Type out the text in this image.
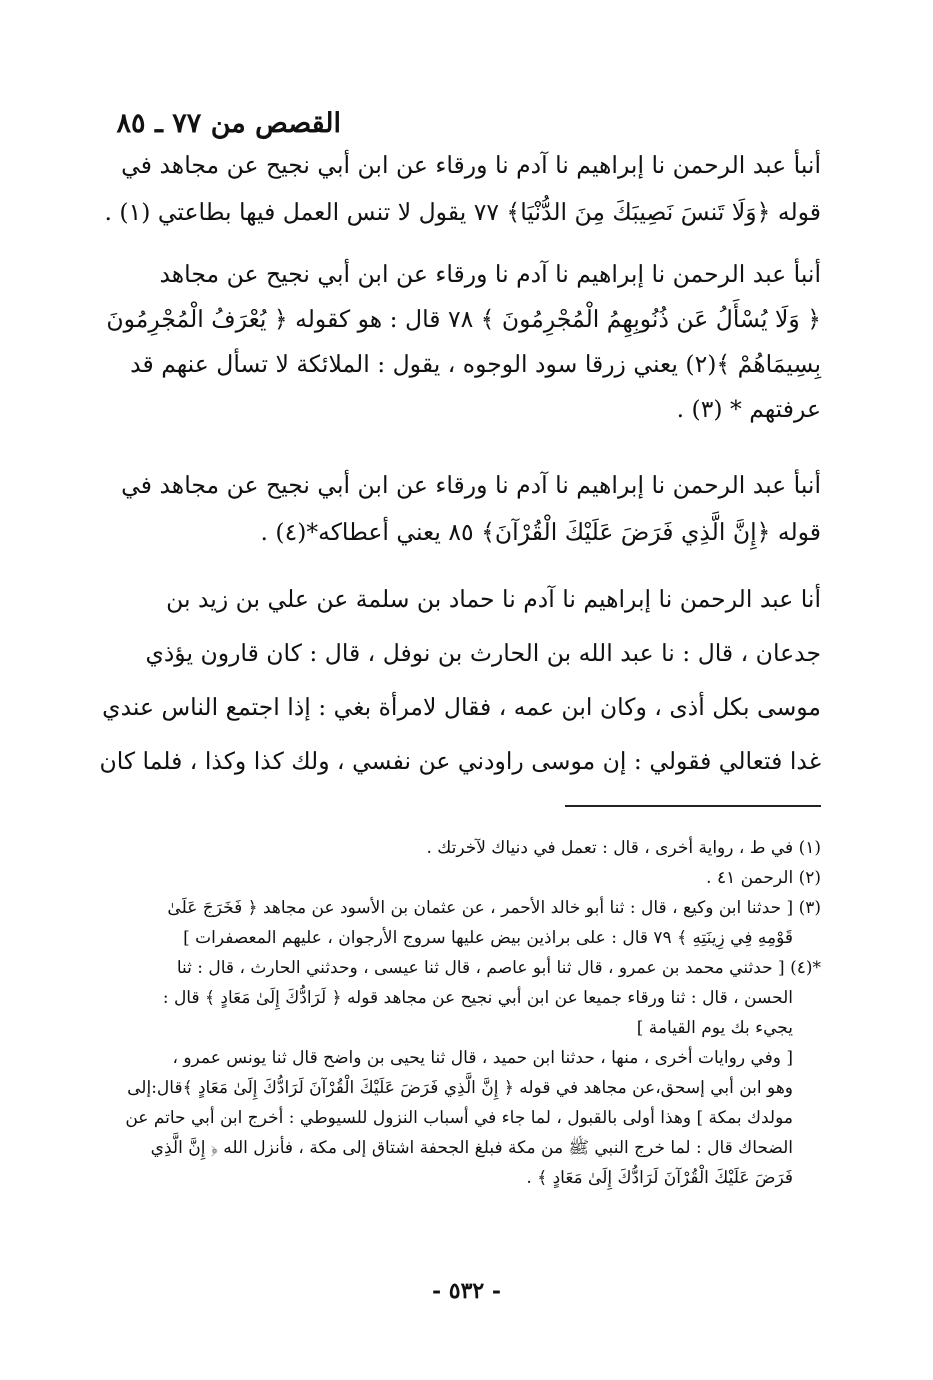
القصص من ٧٧ ـ ٨٥
أنبأ عبد الرحمن نا إبراهيم نا آدم نا ورقاء عن ابن أبي نجيح عن مجاهد في
قوله ﴿وَلَا تَنسَ نَصِيبَكَ مِنَ الدُّنْيَا﴾ ٧٧ يقول لا تنس العمل فيها بطاعتي (١) .
أنبأ عبد الرحمن نا إبراهيم نا آدم نا ورقاء عن ابن أبي نجيح عن مجاهد
﴿ وَلَا يُسْأَلُ عَن ذُنُوبِهِمُ الْمُجْرِمُونَ ﴾ ٧٨ قال : هو كقوله ﴿ يُعْرَفُ الْمُجْرِمُونَ
بِسِيمَاهُمْ ﴾(٢) يعني زرقا سود الوجوه ، يقول : الملائكة لا تسأل عنهم قد
عرفتهم * (٣) .
أنبأ عبد الرحمن نا إبراهيم نا آدم نا ورقاء عن ابن أبي نجيح عن مجاهد في
قوله ﴿إِنَّ الَّذِي فَرَضَ عَلَيْكَ الْقُرْآنَ﴾ ٨٥ يعني أعطاكه*(٤) .
أنا عبد الرحمن نا إبراهيم نا آدم نا حماد بن سلمة عن علي بن زيد بن
جدعان ، قال : نا عبد الله بن الحارث بن نوفل ، قال : كان قارون يؤذي
موسى بكل أذى ، وكان ابن عمه ، فقال لامرأة بغي : إذا اجتمع الناس عندي
غدا فتعالي فقولي : إن موسى راودني عن نفسي ، ولك كذا وكذا ، فلما كان
(١) في ط ، رواية أخرى ، قال : تعمل في دنياك لآخرتك .
(٢) الرحمن ٤١ .
(٣) [ حدثنا ابن وكيع ، قال : ثنا أبو خالد الأحمر ، عن عثمان بن الأسود عن مجاهد ﴿ فَخَرَجَ عَلَىٰ
قَوْمِهِ فِي زِينَتِهِ ﴾ ٧٩ قال : على براذين بيض عليها سروج الأرجوان ، عليهم المعصفرات ]
*(٤) [ حدثني محمد بن عمرو ، قال ثنا أبو عاصم ، قال ثنا عيسى ، وحدثني الحارث ، قال : ثنا
الحسن ، قال : ثنا ورقاء جميعا عن ابن أبي نجيح عن مجاهد قوله ﴿ لَرَادُّكَ إِلَىٰ مَعَادٍ ﴾ قال :
يجيء بك يوم القيامة ]
[ وفي روايات أخرى ، منها ، حدثنا ابن حميد ، قال ثنا يحيى بن واضح قال ثنا يونس عمرو ،
وهو ابن أبي إسحق،عن مجاهد في قوله ﴿ إِنَّ الَّذِي فَرَضَ عَلَيْكَ الْقُرْآنَ لَرَادُّكَ إِلَىٰ مَعَادٍ ﴾قال:إلى
مولدك بمكة ] وهذا أولى بالقبول ، لما جاء في أسباب النزول للسيوطي : أخرج ابن أبي حاتم عن
الضحاك قال : لما خرج النبي ﷺ من مكة فبلغ الجحفة اشتاق إلى مكة ، فأنزل الله ﴿ إِنَّ الَّذِي
فَرَضَ عَلَيْكَ الْقُرْآنَ لَرَادُّكَ إِلَىٰ مَعَادٍ ﴾ .
- ٥٣٢ -
